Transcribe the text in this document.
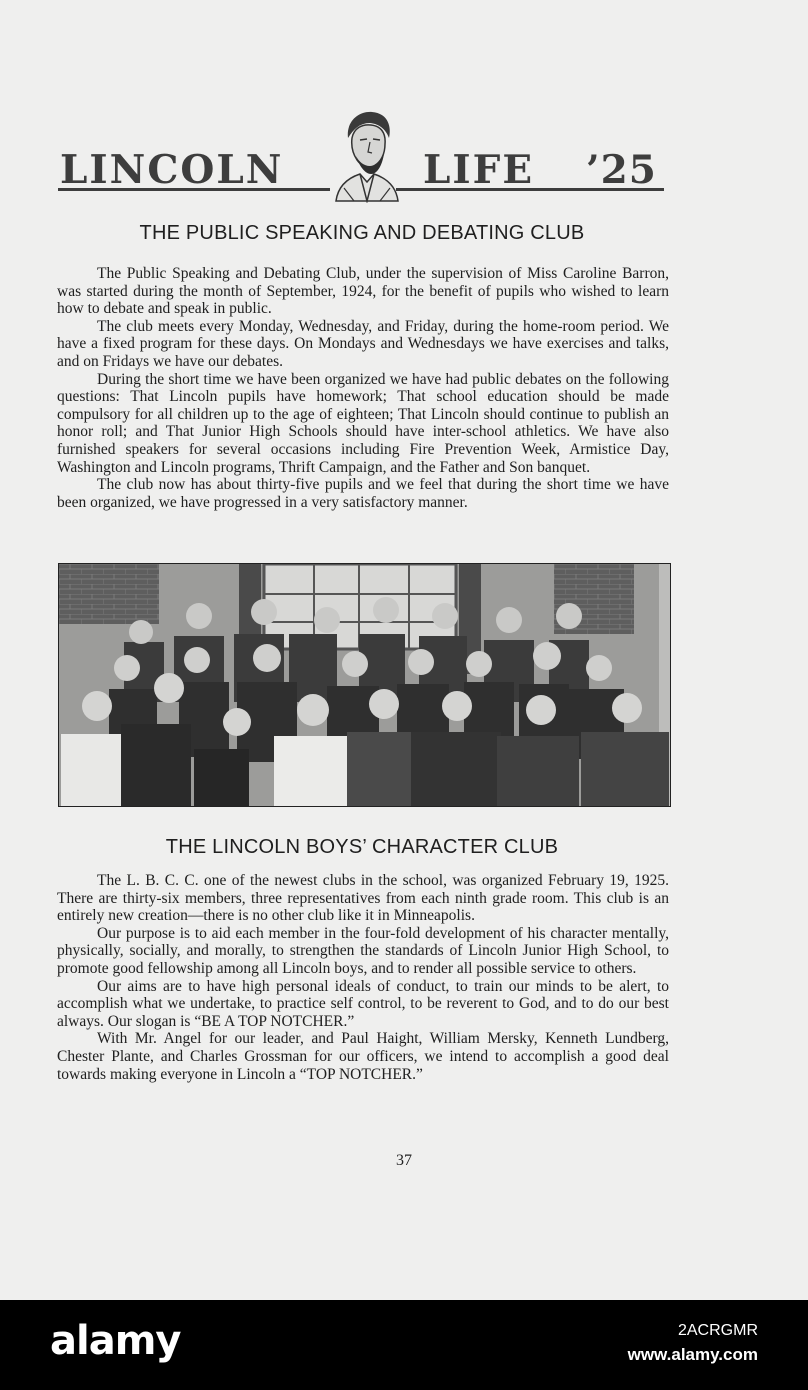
LINCOLN	LIFE ’25
THE PUBLIC SPEAKING AND DEBATING CLUB

The Public Speaking and Debating Club, under the supervision of Miss Caroline Barron, was started during the month of September, 1924, for the benefit of pupils who wished to learn how to debate and speak in public.

The club meets every Monday, Wednesday, and Friday, during the home-room period. We have a fixed program for these days. On Mondays and Wednesdays we have exercises and talks, and on Fridays we have our debates.

During the short time we have been organized we have had public debates on the following questions: That Lincoln pupils have homework; That school education should be made compulsory for all children up to the age of eighteen; That Lincoln should continue to publish an honor roll; and That Junior High Schools should have inter-school athletics. We have also furnished speakers for several occasions including Fire Prevention Week, Armistice Day, Washington and Lincoln programs, Thrift Campaign, and the Father and Son banquet.

The club now has about thirty-five pupils and we feel that during the short time we have been organized, we have progressed in a very satisfactory manner.

THE LINCOLN BOYS’ CHARACTER CLUB

The L. B. C. C. one of the newest clubs in the school, was organized February 19, 1925. There are thirty-six members, three representatives from each ninth grade room. This club is an entirely new creation—there is no other club like it in Minneapolis.

Our purpose is to aid each member in the four-fold development of his character mentally, physically, socially, and morally, to strengthen the standards of Lincoln Junior High School, to promote good fellowship among all Lincoln boys, and to render all possible service to others.

Our aims are to have high personal ideals of conduct, to train our minds to be alert, to accomplish what we undertake, to practice self control, to be reverent to God, and to do our best always. Our slogan is “BE A TOP NOTCHER.”

With Mr. Angel for our leader, and Paul Haight, William Mersky, Kenneth Lundberg, Chester Plante, and Charles Grossman for our officers, we intend to accomplish a good deal towards making everyone in Lincoln a “TOP NOTCHER.”

37
alamy	2ACRGMR
www.alamy.com
